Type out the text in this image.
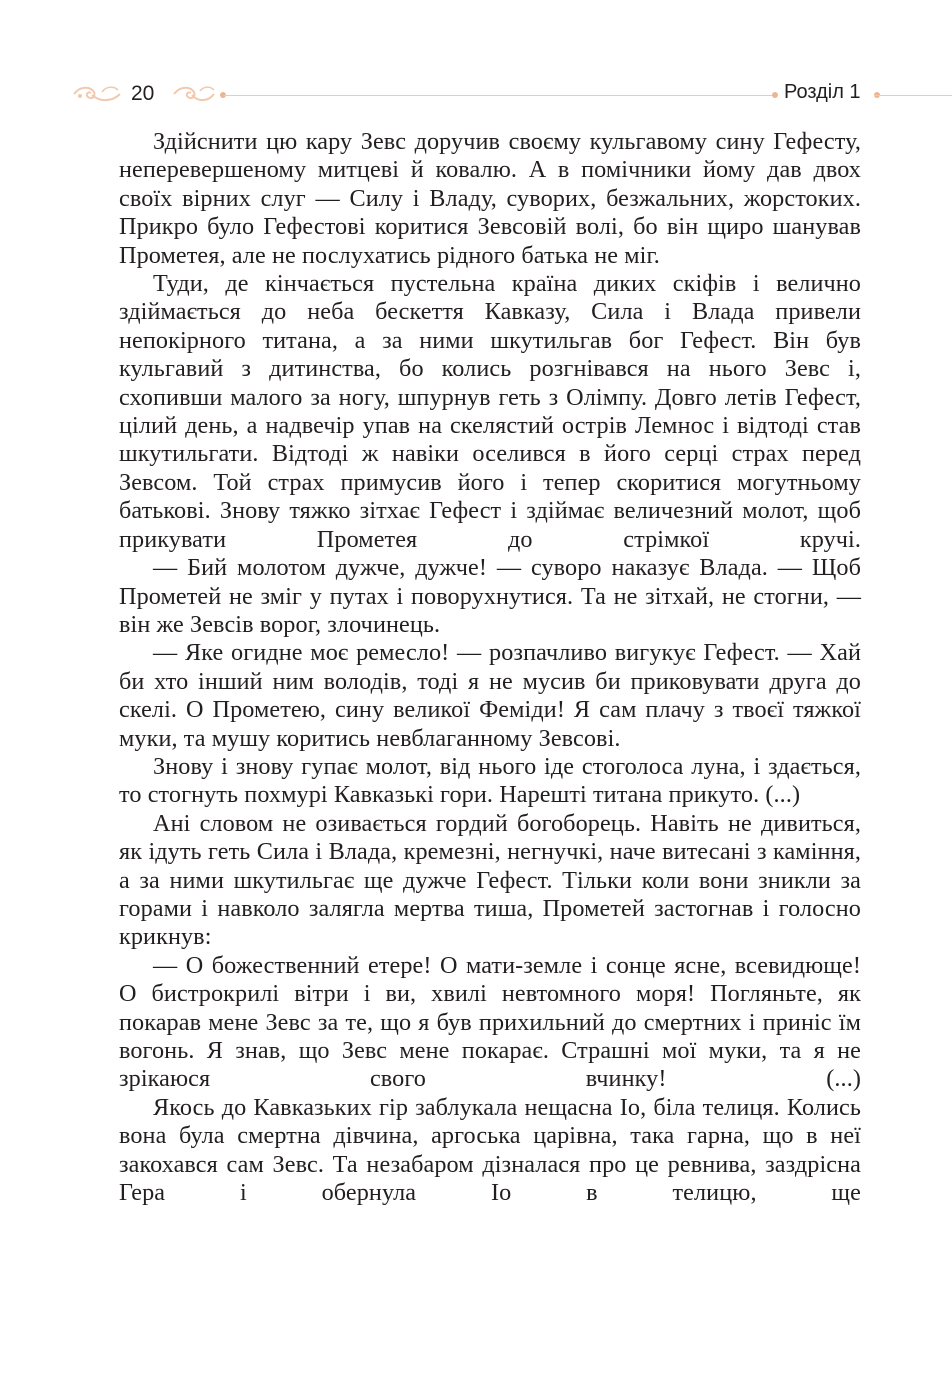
20	Розділ 1

Здійснити цю кару Зевс доручив своєму кульгавому сину Гефесту, неперевершеному митцеві й ковалю. А в помічники йому дав двох своїх вірних слуг — Силу і Владу, суворих, безжальних, жорстоких. Прикро було Гефестові коритися Зевсовій волі, бо він щиро шанував Прометея, але не послухатись рідного батька не міг.

Туди, де кінчається пустельна країна диких скіфів і велично здіймається до неба бескеття Кавказу, Сила і Влада привели непокірного титана, а за ними шкутильгав бог Гефест. Він був кульгавий з дитинства, бо колись розгнівався на нього Зевс і, схопивши малого за ногу, шпурнув геть з Олімпу. Довго летів Гефест, цілий день, а надвечір упав на скелястий острів Лемнос і відтоді став шкутильгати. Відтоді ж навіки оселився в його серці страх перед Зевсом. Той страх примусив його і тепер скоритися могутньому батькові. Знову тяжко зітхає Гефест і здіймає величезний молот, щоб прикувати Прометея до стрімкої кручі.

— Бий молотом дужче, дужче! — суворо наказує Влада. — Щоб Прометей не зміг у путах і поворухнутися. Та не зітхай, не стогни, — він же Зевсів ворог, злочинець.

— Яке огидне моє ремесло! — розпачливо вигукує Гефест. — Хай би хто інший ним володів, тоді я не мусив би приковувати друга до скелі. О Прометею, сину великої Феміди! Я сам плачу з твоєї тяжкої муки, та мушу коритись невблаганному Зевсові.

Знову і знову гупає молот, від нього іде стоголоса луна, і здається, то стогнуть похмурі Кавказькі гори. Нарешті титана прикуто. (...)

Ані словом не озивається гордий богоборець. Навіть не дивиться, як ідуть геть Сила і Влада, кремезні, негнучкі, наче витесані з каміння, а за ними шкутильгає ще дужче Гефест. Тільки коли вони зникли за горами і навколо залягла мертва тиша, Прометей застогнав і голосно крикнув:

— О божественний етере! О мати-земле і сонце ясне, всевидюще! О бистрокрилі вітри і ви, хвилі невтомного моря! Погляньте, як покарав мене Зевс за те, що я був прихильний до смертних і приніс їм вогонь. Я знав, що Зевс мене покарає. Страшні мої муки, та я не зрікаюся свого вчинку! (...)

Якось до Кавказьких гір заблукала нещасна Іо, біла телиця. Колись вона була смертна дівчина, аргоська царівна, така гарна, що в неї закохався сам Зевс. Та незабаром дізналася про це ревнива, заздрісна Гера і обернула Іо в телицю, ще
